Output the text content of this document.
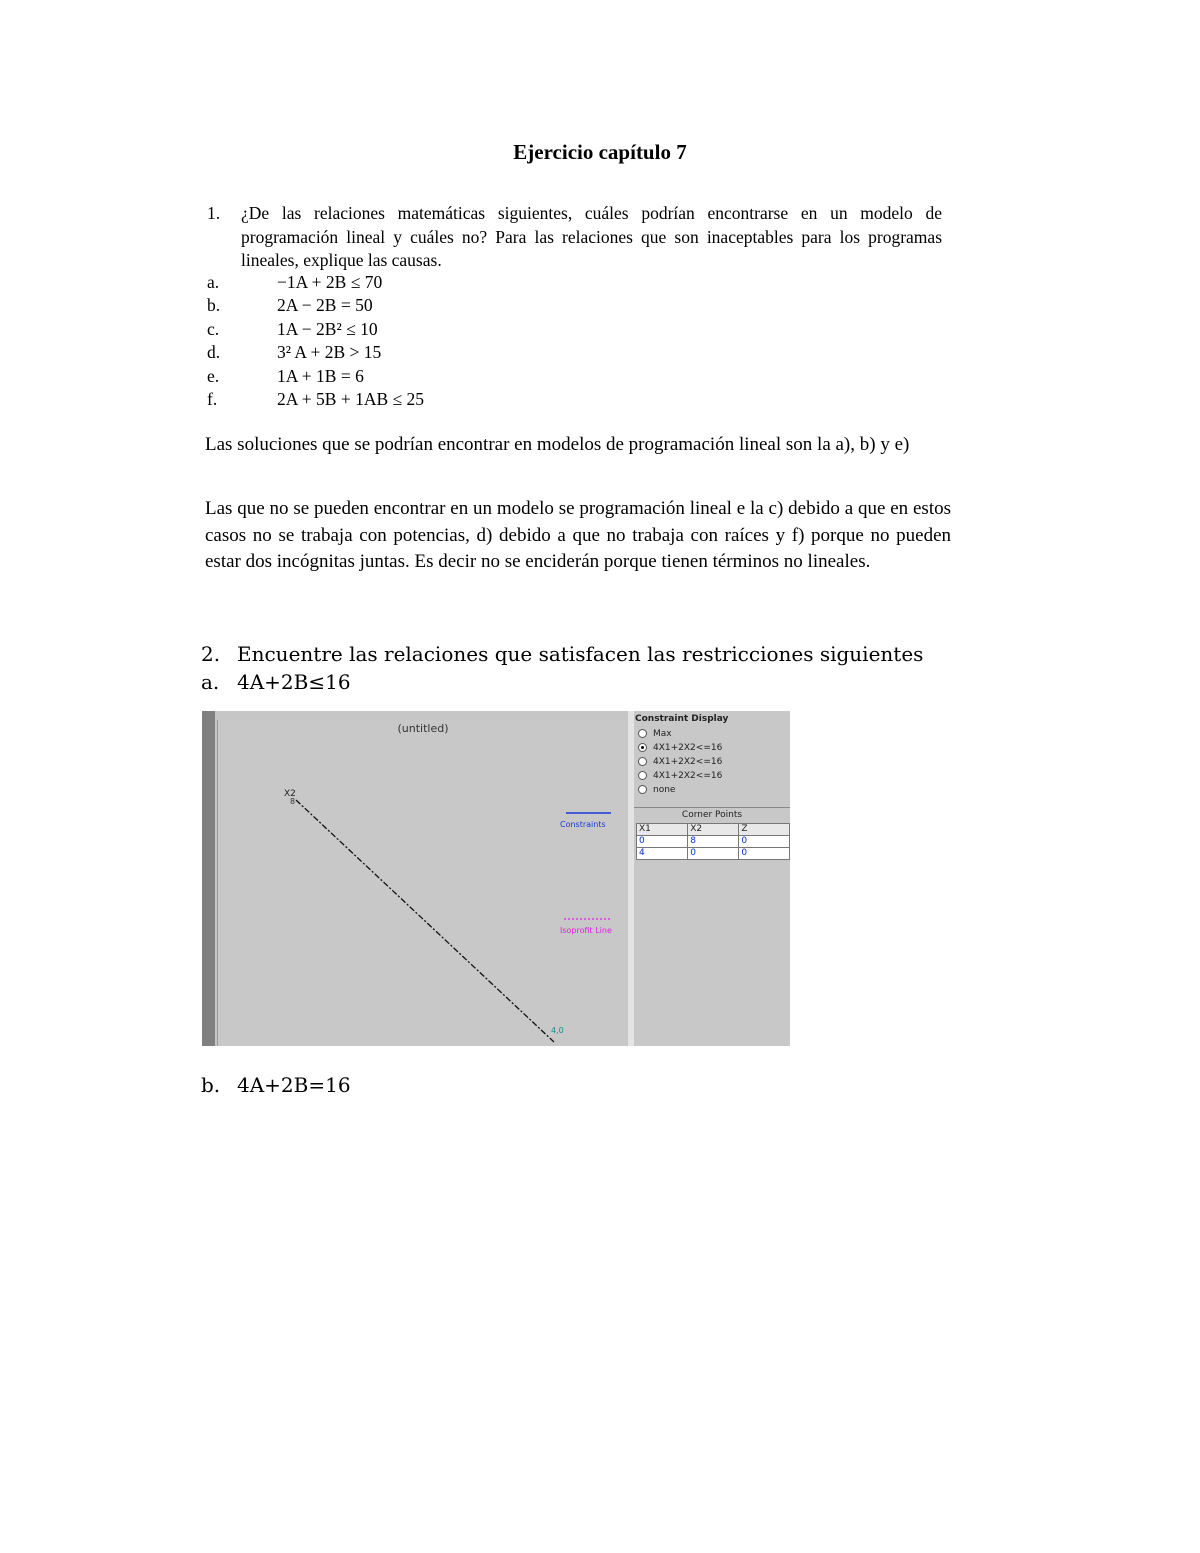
Ejercicio capítulo 7
1. ¿De las relaciones matemáticas siguientes, cuáles podrían encontrarse en un modelo de programación lineal y cuáles no? Para las relaciones que son inaceptables para los programas lineales, explique las causas.
a.	−1A + 2B ≤ 70
b.	2A − 2B = 50
c.	1A − 2B² ≤ 10
d.	3² A + 2B > 15
e.	1A + 1B = 6
f.	2A + 5B + 1AB ≤ 25
Las soluciones que se podrían encontrar en modelos de programación lineal son la a), b) y e)
Las que no se pueden encontrar en un modelo se programación lineal e la c) debido a que en estos casos no se trabaja con potencias, d) debido a que no trabaja con raíces y f) porque no pueden estar dos incógnitas juntas. Es decir no se enciderán porque tienen términos no lineales.
2. Encuentre las relaciones que satisfacen las restricciones siguientes
a. 4A+2B≤16
(untitled)
X2
8
4,0
Constraints
Isoprofit Line
Constraint Display
Max
4X1+2X2<=16
4X1+2X2<=16
4X1+2X2<=16
none
Corner Points
X1	X2	Z
0	8	0
4	0	0
b. 4A+2B=16
